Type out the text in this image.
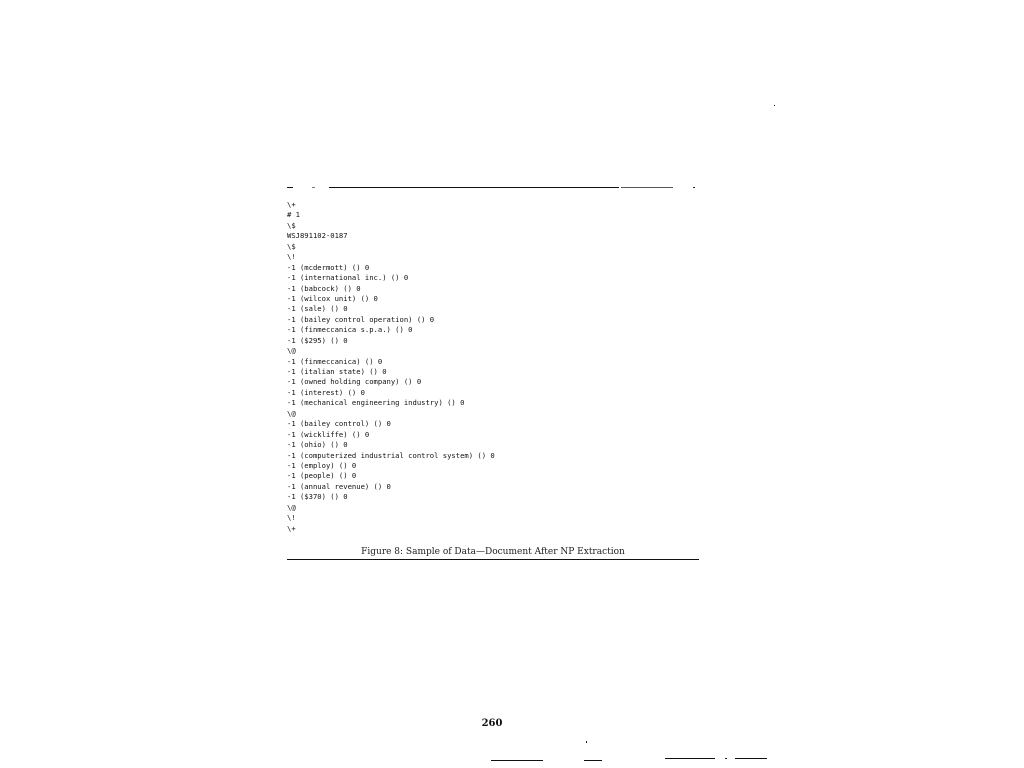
\+
# 1
\$
WSJ891102-0187
\$
\!
-1 (mcdermott) () 0
-1 (international inc.) () 0
-1 (babcock) () 0
-1 (wilcox unit) () 0
-1 (sale) () 0
-1 (bailey control operation) () 0
-1 (finmeccanica s.p.a.) () 0
-1 ($295) () 0
\@
-1 (finmeccanica) () 0
-1 (italian state) () 0
-1 (owned holding company) () 0
-1 (interest) () 0
-1 (mechanical engineering industry) () 0
\@
-1 (bailey control) () 0
-1 (wickliffe) () 0
-1 (ohio) () 0
-1 (computerized industrial control system) () 0
-1 (employ) () 0
-1 (people) () 0
-1 (annual revenue) () 0
-1 ($370) () 0
\@
\!
\+
Figure 8: Sample of Data—Document After NP Extraction
260
